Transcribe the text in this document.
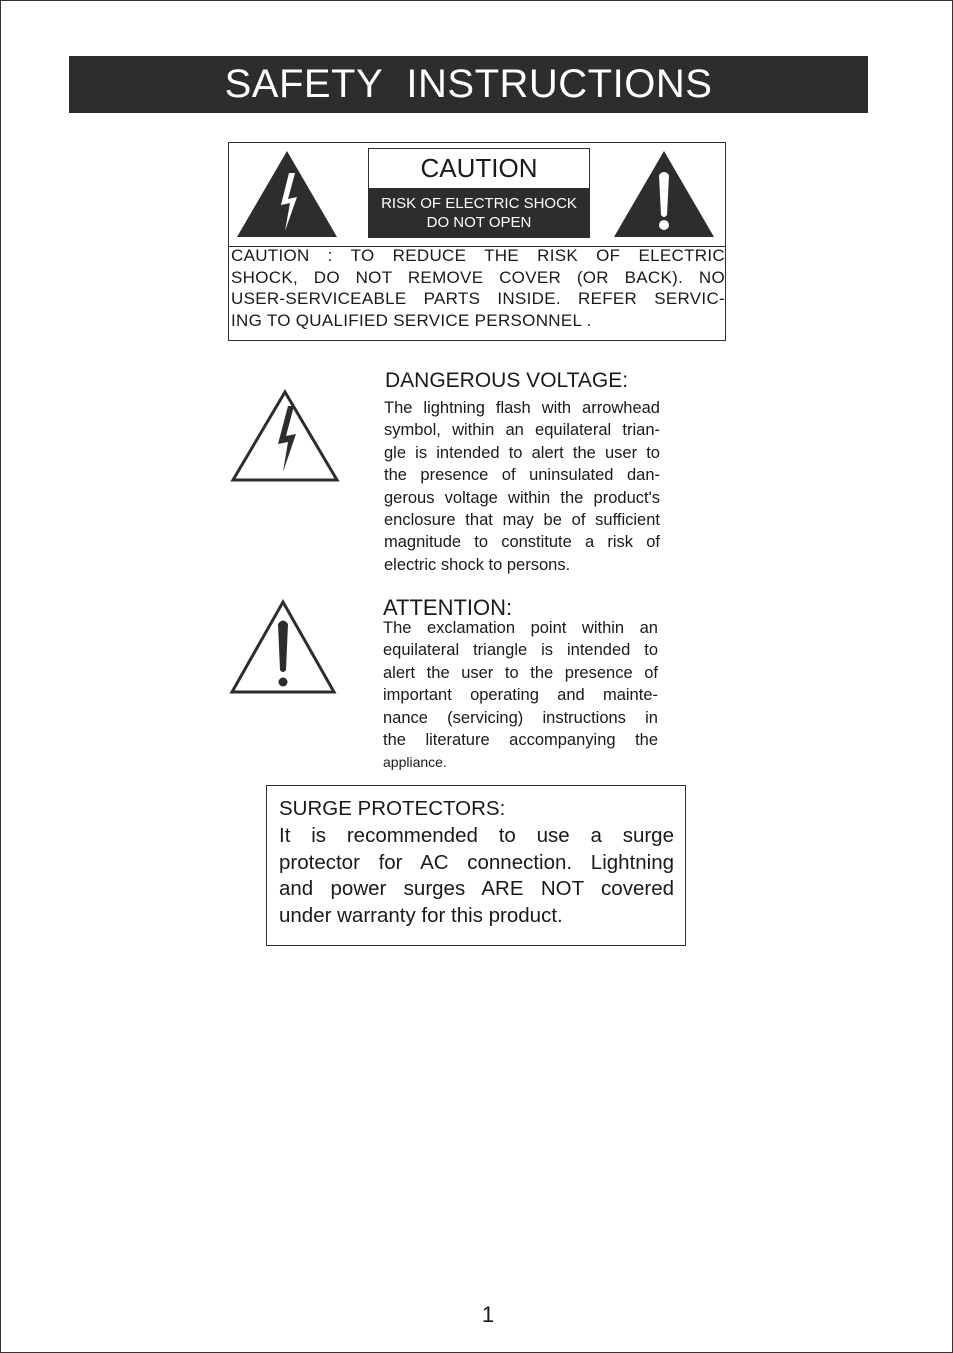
SAFETY INSTRUCTIONS
CAUTION
RISK OF ELECTRIC SHOCK
DO NOT OPEN
CAUTION : TO REDUCE THE RISK OF ELECTRIC
SHOCK, DO NOT REMOVE COVER (OR BACK). NO
USER-SERVICEABLE PARTS INSIDE. REFER SERVIC-
ING TO QUALIFIED SERVICE PERSONNEL .
DANGEROUS VOLTAGE:
The lightning flash with arrowhead
symbol, within an equilateral trian-
gle is intended to alert the user to
the presence of uninsulated dan-
gerous voltage within the product's
enclosure that may be of sufficient
magnitude to constitute a risk of
electric shock to persons.
ATTENTION:
The exclamation point within an
equilateral triangle is intended to
alert the user to the presence of
important operating and mainte-
nance (servicing) instructions in
the literature accompanying the
appliance.
SURGE PROTECTORS:
It is recommended to use a surge
protector for AC connection. Lightning
and power surges ARE NOT covered
under warranty for this product.
1
